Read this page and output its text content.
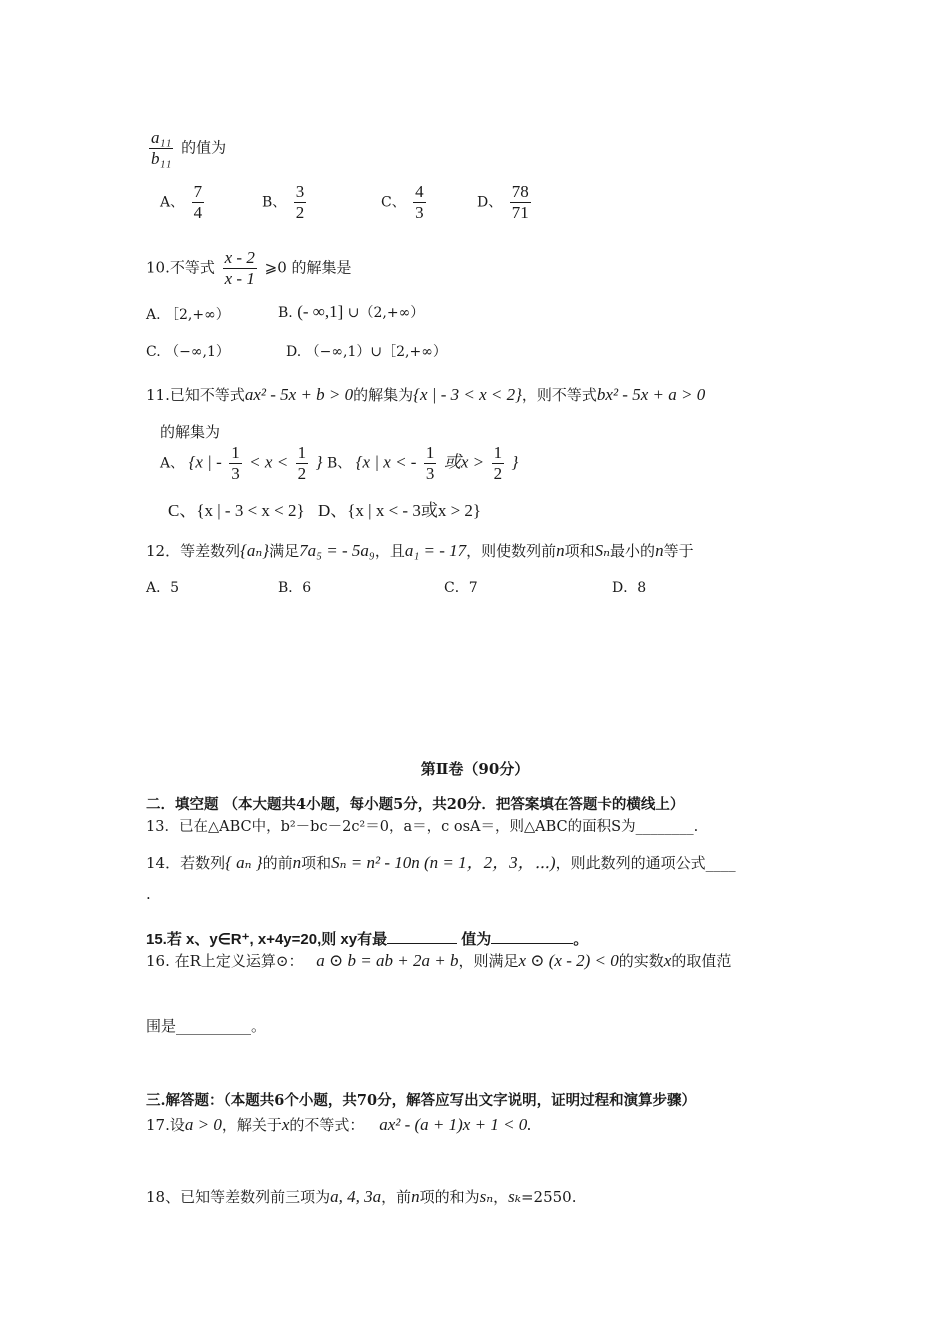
$\frac{\text{a₁₁}}{\text{b₁₁}}$ 的值为
A、 $\frac{7}{4}$	B、 $\frac{3}{2}$	C、 $\frac{4}{3}$	D、 $\frac{78}{71}$
10.不等式 $\frac{x - 2}{x - 1}$ ⩾0 的解集是
A. ［2,+∞）	B. (- ∞,1] ∪（2,+∞）
C. （−∞,1）	D. （−∞,1）∪［2,+∞）
11.已知不等式ax² - 5x + b > 0的解集为{x | - 3 < x < 2}，则不等式bx² - 5x + a > 0
的解集为
A、 {x | - $\frac{1}{3} < x < \frac{1}{2}$ } B、 {x | x < - $\frac{1}{3}$ 或$x > \frac{1}{2}$ }
C、{x | - 3 < x < 2} D、{x | x < - 3或x > 2}
12．等差数列{aₙ}满足7a₅ = - 5a₉，且a₁ = - 17，则使数列前n项和Sₙ最小的n等于
A．5	B．6	C．7	D．8
第Ⅱ卷（90分）
二．填空题 （本大题共4小题，每小题5分，共20分．把答案填在答题卡的横线上）
13．已在△ABC中，b²－bc－2c²＝0，a＝，c osA＝，则△ABC的面积S为________.
14．若数列{ aₙ }的前n项和Sₙ = n² - 10n (n = 1，2，3，⋯)，则此数列的通项公式____
.
15.若 x、y∈R⁺, x+4y=20,则 xy有最	值为	。
16. 在R上定义运算⊙： a ⊙ b = ab + 2a + b，则满足x ⊙ (x - 2) < 0的实数x的取值范
围是__________。
三.解答题：（本题共6个小题，共70分，解答应写出文字说明，证明过程和演算步骤）
17.设a > 0，解关于x的不等式： ax² - (a + 1)x + 1 < 0.
18、已知等差数列前三项为a, 4, 3a，前n项的和为sₙ，sₖ=2550.
